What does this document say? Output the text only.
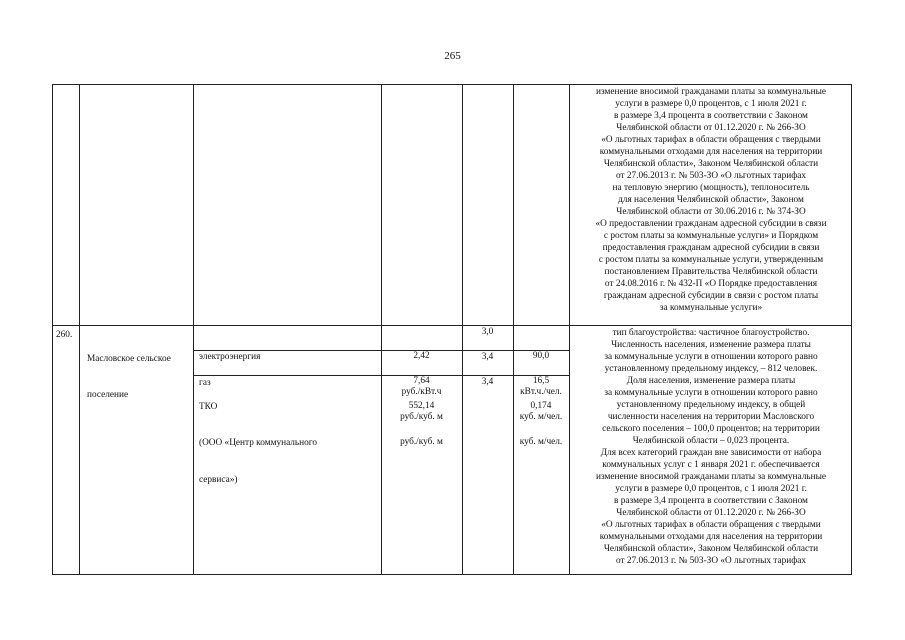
265
изменение вносимой гражданами платы за коммунальные
услуги в размере 0,0 процентов, с 1 июля 2021 г.
в размере 3,4 процента в соответствии с Законом
Челябинской области от 01.12.2020 г. № 266-ЗО
«О льготных тарифах в области обращения с твердыми
коммунальными отходами для населения на территории
Челябинской области», Законом Челябинской области
от 27.06.2013 г. № 503-ЗО «О льготных тарифах
на тепловую энергию (мощность), теплоноситель
для населения Челябинской области», Законом
Челябинской области от 30.06.2016 г. № 374-ЗО
«О предоставлении гражданам адресной субсидии в связи
с ростом платы за коммунальные услуги» и Порядком
предоставления гражданам адресной субсидии в связи
с ростом платы за коммунальные услуги, утвержденным
постановлением Правительства Челябинской области
от 24.08.2016 г. № 432-П «О Порядке предоставления
гражданам адресной субсидии в связи с ростом платы
за коммунальные услуги»
260.

Масловское сельское

поселение

электроэнергия

	2,42

руб./кВт.ч

3,0

90,0

кВт.ч./чел.

газ

	7,64

руб./куб. м

3,4

16,5

куб. м/чел.

ТКО

(ООО «Центр коммунального

сервиса»)

552,14

руб./куб. м

3,4

0,174

куб. м/чел.

тип благоустройства: частичное благоустройство.
Численность населения, изменение размера платы
за коммунальные услуги в отношении которого равно
установленному предельному индексу, – 812 человек.
Доля населения, изменение размера платы
за коммунальные услуги в отношении которого равно
установленному предельному индексу, в общей
численности населения на территории Масловского
сельского поселения – 100,0 процентов; на территории
Челябинской области – 0,023 процента.
Для всех категорий граждан вне зависимости от набора
коммунальных услуг с 1 января 2021 г. обеспечивается
изменение вносимой гражданами платы за коммунальные
услуги в размере 0,0 процентов, с 1 июля 2021 г.
в размере 3,4 процента в соответствии с Законом
Челябинской области от 01.12.2020 г. № 266-ЗО
«О льготных тарифах в области обращения с твердыми
коммунальными отходами для населения на территории
Челябинской области», Законом Челябинской области
от 27.06.2013 г. № 503-ЗО «О льготных тарифах
